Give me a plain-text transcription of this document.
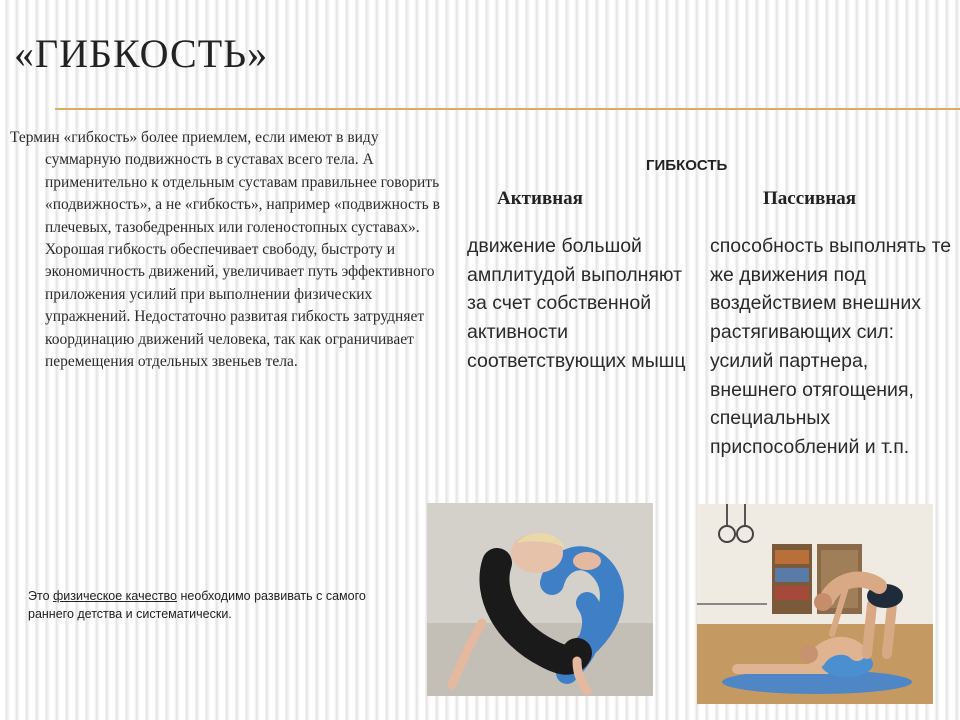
«ГИБКОСТЬ»

Термин «гибкость» более приемлем, если имеют в виду суммарную подвижность в суставах всего тела. А применительно к отдельным суставам правильнее говорить «подвижность», а не «гибкость», например «подвижность в плечевых, тазобедренных или голеностопных суставах». Хорошая гибкость обеспечивает свободу, быстроту и экономичность движений, увеличивает путь эффективного приложения усилий при выполнении физических упражнений. Недостаточно развитая гибкость затрудняет координацию движений человека, так как ограничивает перемещения отдельных звеньев тела.

Это физическое качество необходимо развивать с самого раннего детства и систематически.

ГИБКОСТЬ
Активная	Пассивная

движение большой амплитудой выполняют за счет собственной активности соответствующих мышц

способность выполнять те же движения под воздействием внешних растягивающих сил: усилий партнера, внешнего отягощения, специальных приспособлений и т.п.
